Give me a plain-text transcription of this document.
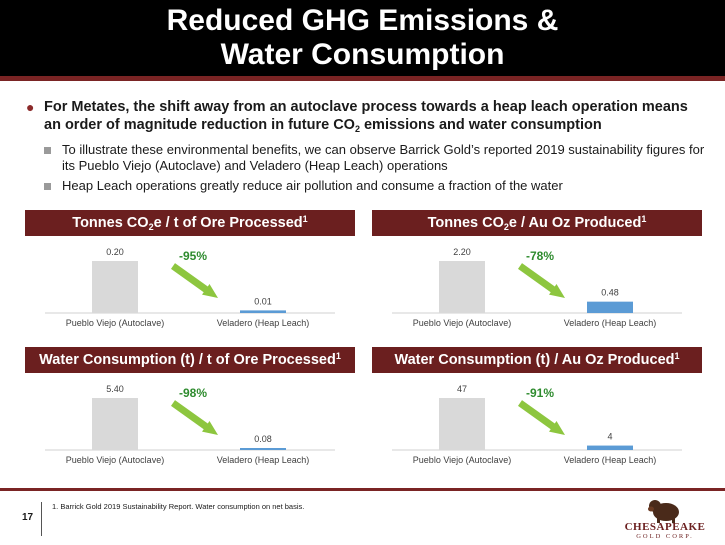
Reduced GHG Emissions &
Water Consumption
● For Metates, the shift away from an autoclave process towards a heap leach operation means an order of magnitude reduction in future $CO_2$ emissions and water consumption
To illustrate these environmental benefits, we can observe Barrick Gold’s reported 2019 sustainability figures for its Pueblo Viejo (Autoclave) and Veladero (Heap Leach) operations
Heap Leach operations greatly reduce air pollution and consume a fraction of the water
Tonnes $CO_2e$ / t of Ore Processed$^1$
0.20
Pueblo Viejo (Autoclave)
0.01
Veladero (Heap Leach)
-95%
Tonnes $CO_2e$ / Au Oz Produced$^1$
2.20
Pueblo Viejo (Autoclave)
0.48
Veladero (Heap Leach)
-78%
Water Consumption (t) / t of Ore Processed$^1$
5.40
Pueblo Viejo (Autoclave)
0.08
Veladero (Heap Leach)
-98%
Water Consumption (t) / Au Oz Produced$^1$
47
Pueblo Viejo (Autoclave)
4
Veladero (Heap Leach)
-91%
17
1. Barrick Gold 2019 Sustainability Report. Water consumption on net basis.
CHESAPEAKE
GOLD CORP.
